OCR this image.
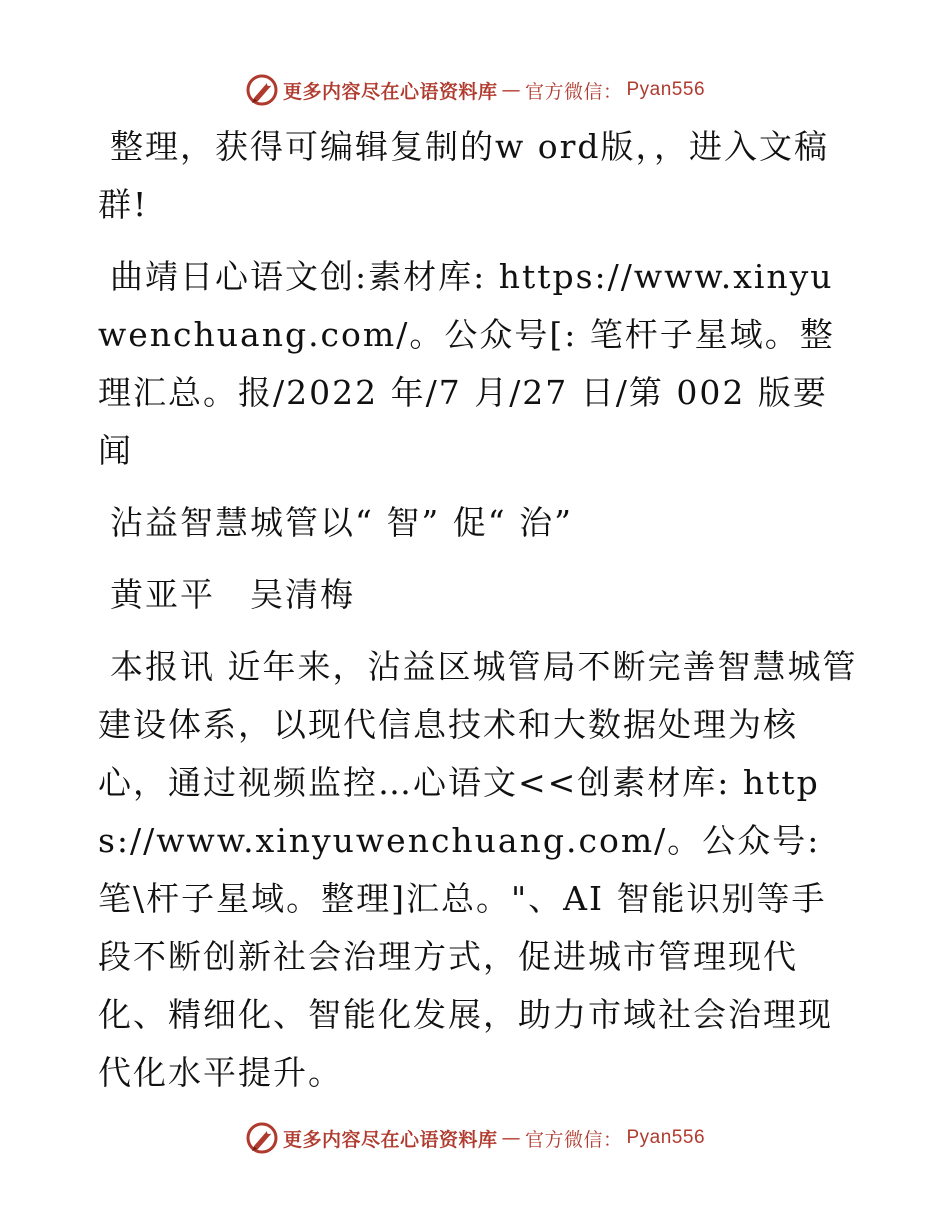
更多内容尽在心语资料库 — 官方微信： Pyan556

整理，获得可编辑复制的w ord版，，进入文稿群!

曲靖日心语文创:素材库: https://www.xinyuwenchuang.com/。公众号[: 笔杆子星域。整理汇总。报/2022 年/7 月/27 日/第 002 版要闻

沾益智慧城管以“ 智” 促“ 治”

黄亚平　吴清梅

本报讯 近年来，沾益区城管局不断完善智慧城管建设体系，以现代信息技术和大数据处理为核心，通过视频监控…心语文<<创素材库: https://www.xinyuwenchuang.com/。公众号: 笔\杆子星域。整理]汇总。"、AI 智能识别等手段不断创新社会治理方式，促进城市管理现代化、精细化、智能化发展，助力市域社会治理现代化水平提升。

更多内容尽在心语资料库 — 官方微信： Pyan556
